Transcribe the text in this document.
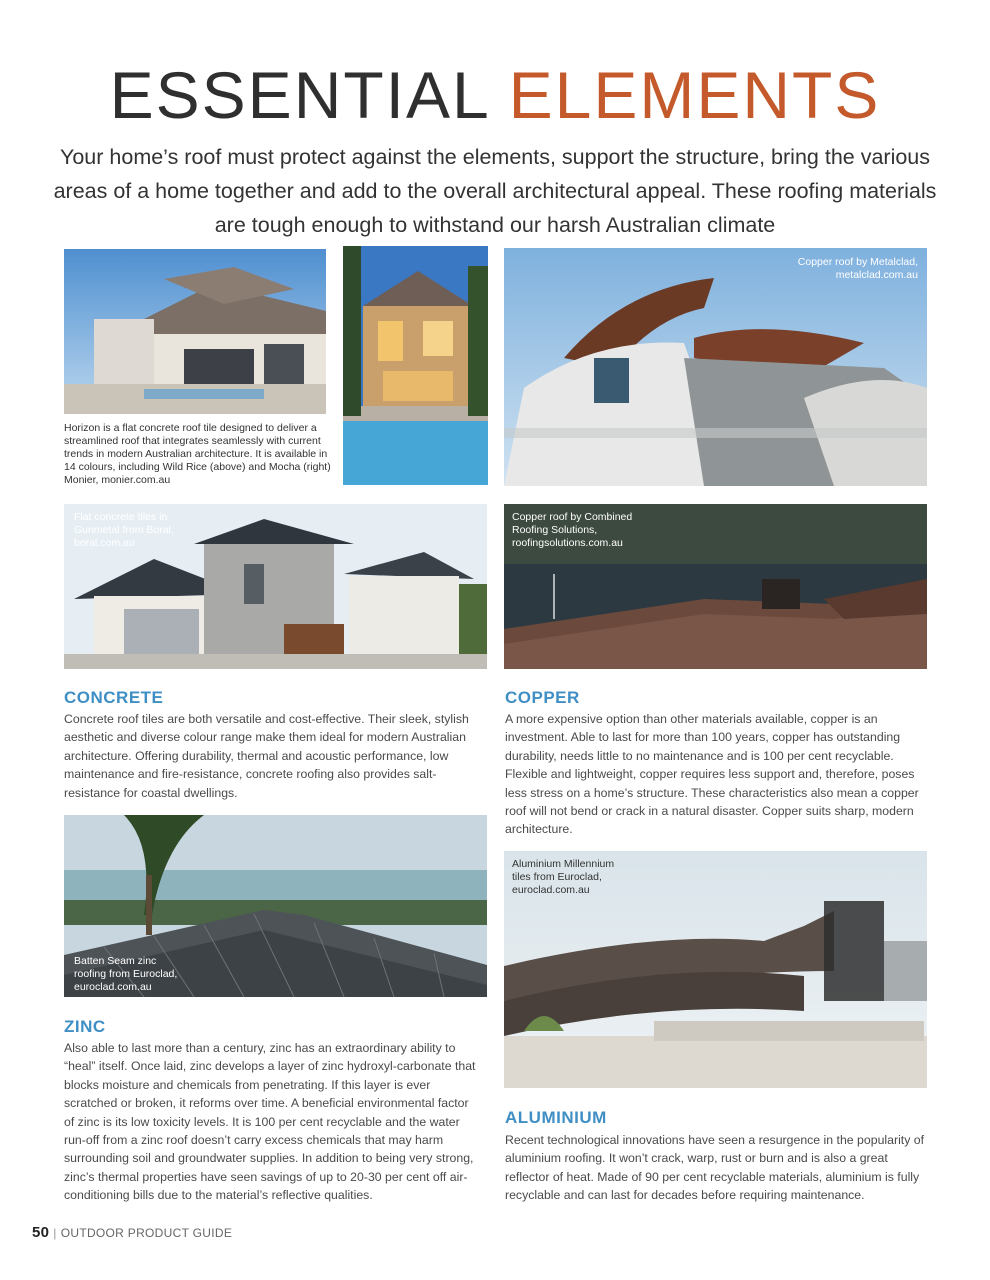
ESSENTIAL ELEMENTS
Your home’s roof must protect against the elements, support the structure, bring the various areas of a home together and add to the overall architectural appeal. These roofing materials are tough enough to withstand our harsh Australian climate
Horizon is a flat concrete roof tile designed to deliver a streamlined roof that integrates seamlessly with current trends in modern Australian architecture. It is available in 14 colours, including Wild Rice (above) and Mocha (right) Monier, monier.com.au
Copper roof by Metalclad,
metalclad.com.au
Flat concrete tiles in
Gunmetal from Boral,
boral.com.au
Copper roof by Combined
Roofing Solutions,
roofingsolutions.com.au
CONCRETE
Concrete roof tiles are both versatile and cost-effective. Their sleek, stylish aesthetic and diverse colour range make them ideal for modern Australian architecture. Offering durability, thermal and acoustic performance, low maintenance and fire-resistance, concrete roofing also provides salt-resistance for coastal dwellings.
COPPER
A more expensive option than other materials available, copper is an investment. Able to last for more than 100 years, copper has outstanding durability, needs little to no maintenance and is 100 per cent recyclable. Flexible and lightweight, copper requires less support and, therefore, poses less stress on a home’s structure. These characteristics also mean a copper roof will not bend or crack in a natural disaster. Copper suits sharp, modern architecture.
Batten Seam zinc
roofing from Euroclad,
euroclad.com.au
Aluminium Millennium
tiles from Euroclad,
euroclad.com.au
ZINC
Also able to last more than a century, zinc has an extraordinary ability to “heal” itself. Once laid, zinc develops a layer of zinc hydroxyl-carbonate that blocks moisture and chemicals from penetrating. If this layer is ever scratched or broken, it reforms over time. A beneficial environmental factor of zinc is its low toxicity levels. It is 100 per cent recyclable and the water run-off from a zinc roof doesn’t carry excess chemicals that may harm surrounding soil and groundwater supplies. In addition to being very strong, zinc’s thermal properties have seen savings of up to 20-30 per cent off air-conditioning bills due to the material’s reflective qualities.
ALUMINIUM
Recent technological innovations have seen a resurgence in the popularity of aluminium roofing. It won’t crack, warp, rust or burn and is also a great reflector of heat. Made of 90 per cent recyclable materials, aluminium is fully recyclable and can last for decades before requiring maintenance.
50 | OUTDOOR PRODUCT GUIDE
